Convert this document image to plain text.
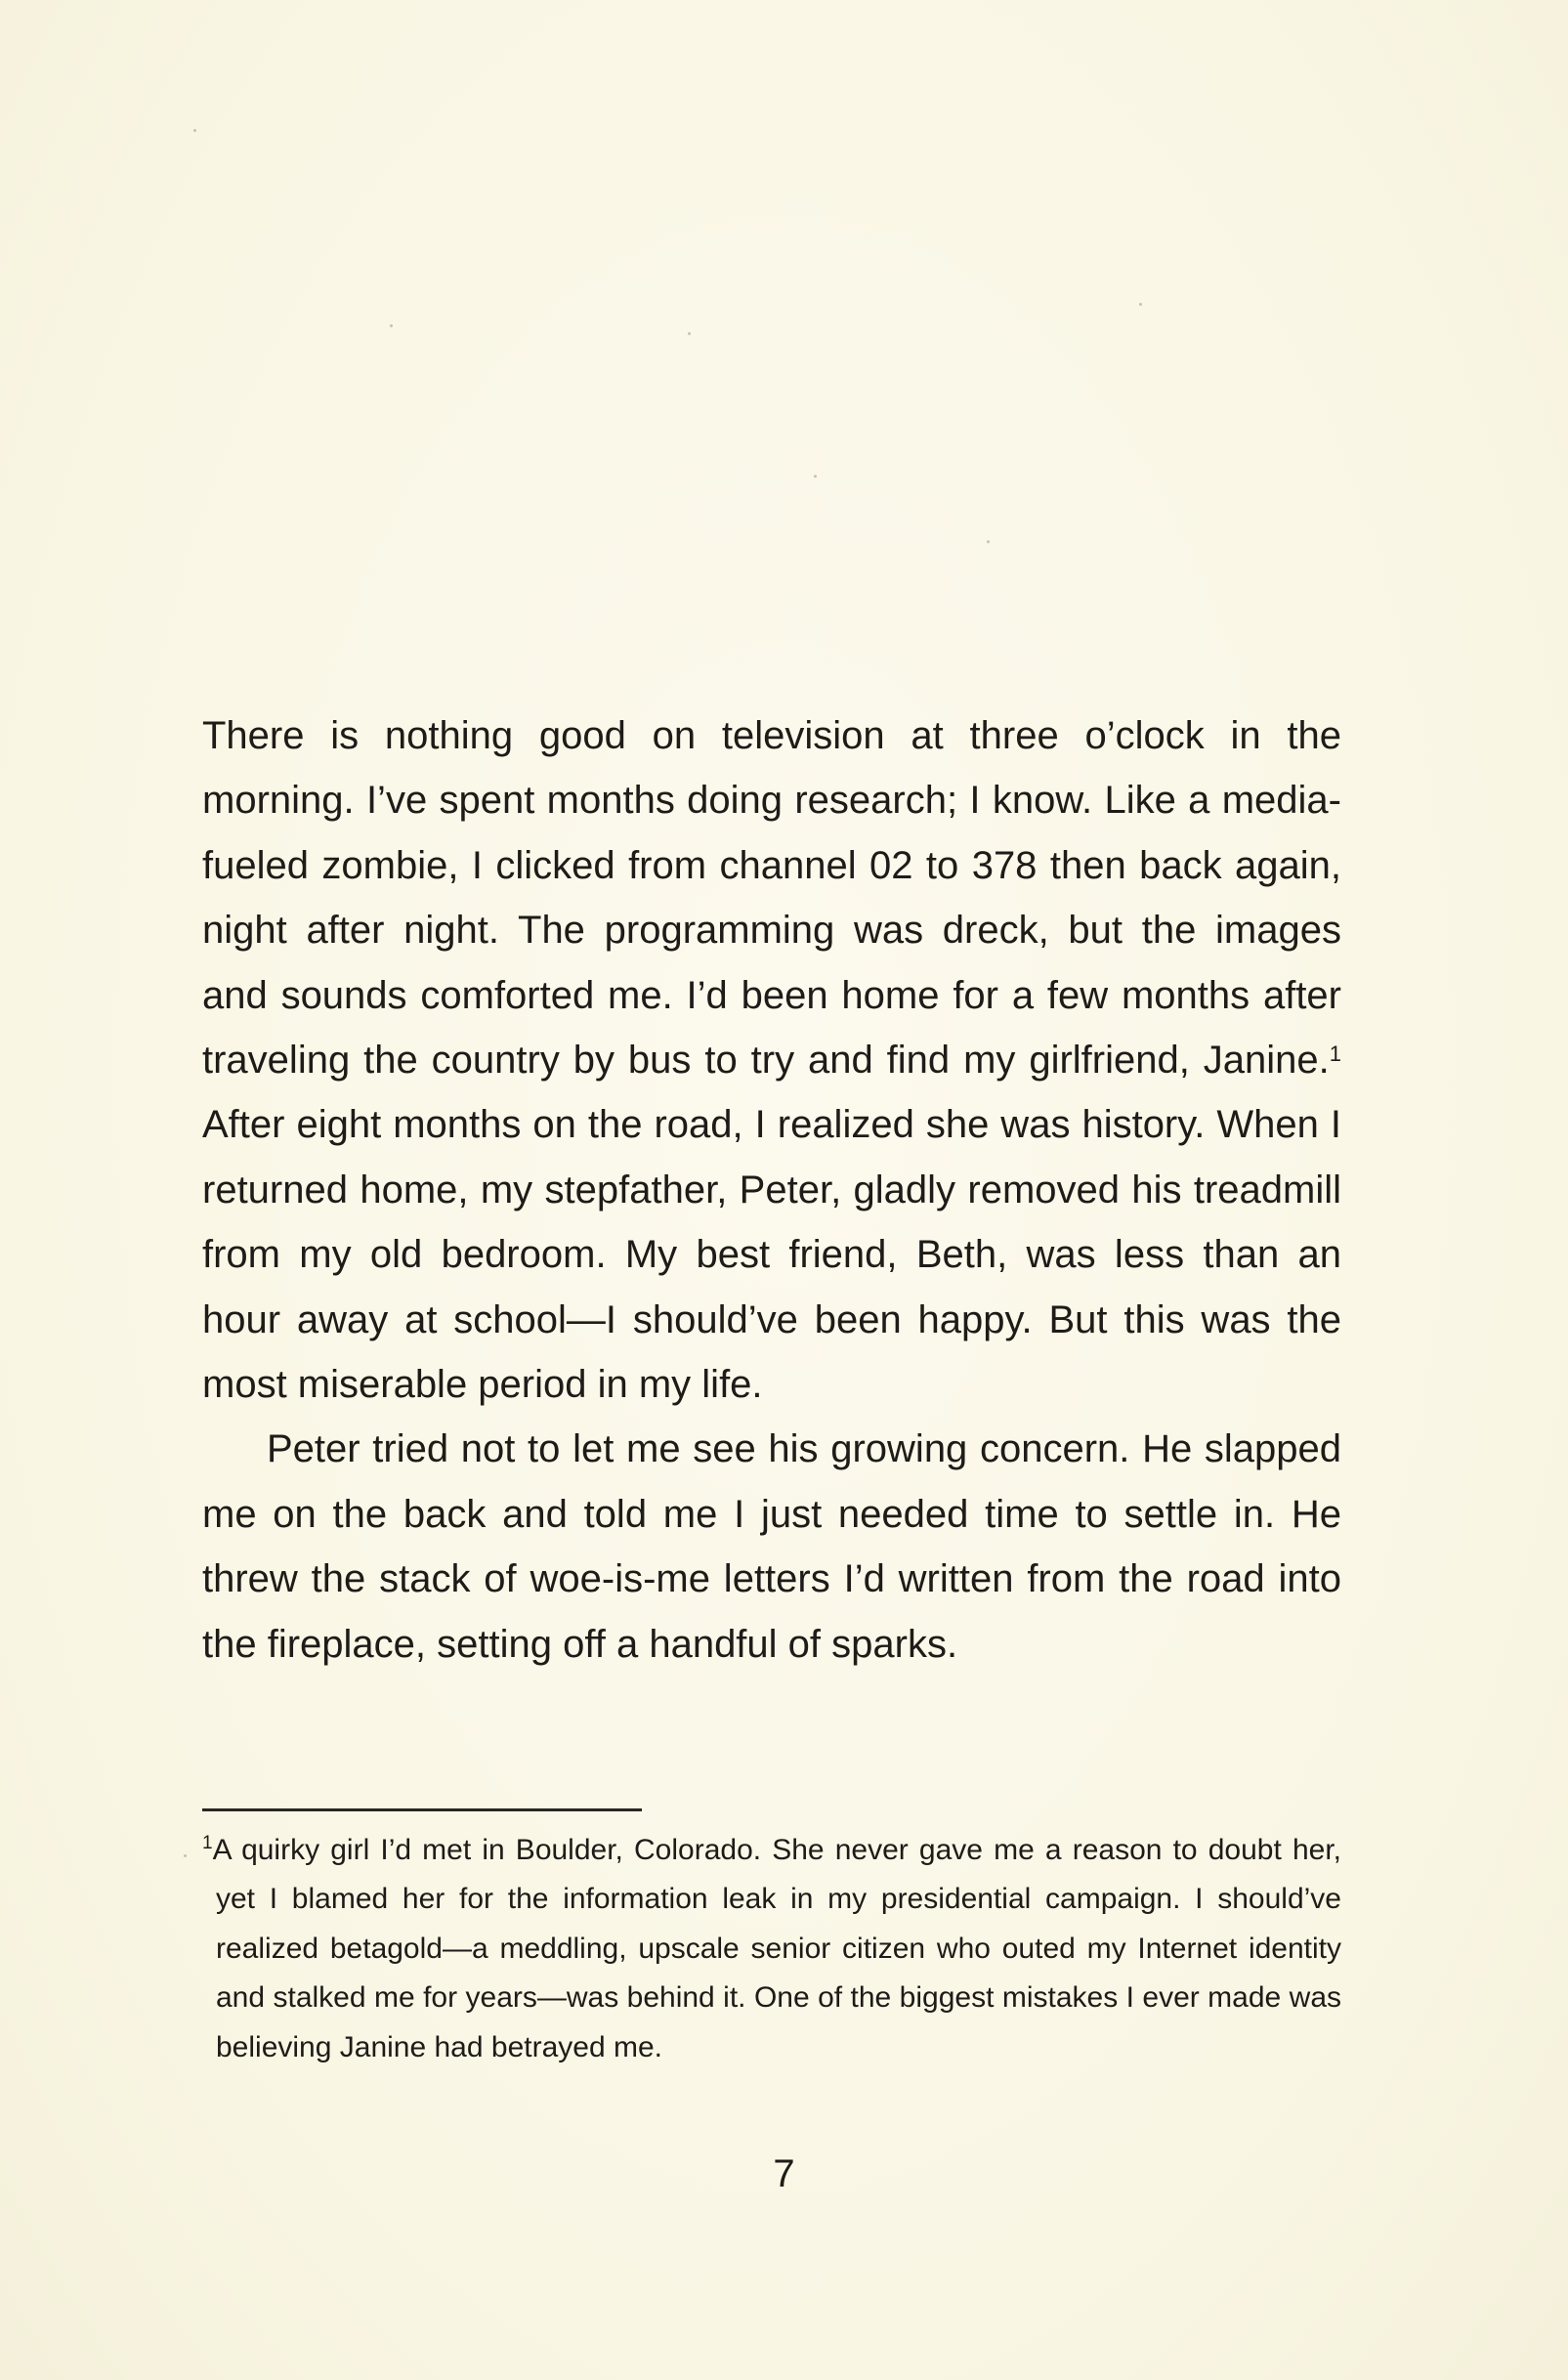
There is nothing good on television at three o’clock in the morning. I’ve spent months doing research; I know. Like a media-fueled zombie, I clicked from channel 02 to 378 then back again, night after night. The programming was dreck, but the images and sounds comforted me. I’d been home for a few months after traveling the country by bus to try and find my girlfriend, Janine.$^1$ After eight months on the road, I realized she was history. When I returned home, my stepfather, Peter, gladly removed his treadmill from my old bedroom. My best friend, Beth, was less than an hour away at school—I should’ve been happy. But this was the most miserable period in my life.

Peter tried not to let me see his growing concern. He slapped me on the back and told me I just needed time to settle in. He threw the stack of woe-is-me letters I’d written from the road into the fireplace, setting off a handful of sparks.

$^1$A quirky girl I’d met in Boulder, Colorado. She never gave me a reason to doubt her, yet I blamed her for the information leak in my presidential campaign. I should’ve realized betagold—a meddling, upscale senior citizen who outed my Internet identity and stalked me for years—was behind it. One of the biggest mistakes I ever made was believing Janine had betrayed me.

7
